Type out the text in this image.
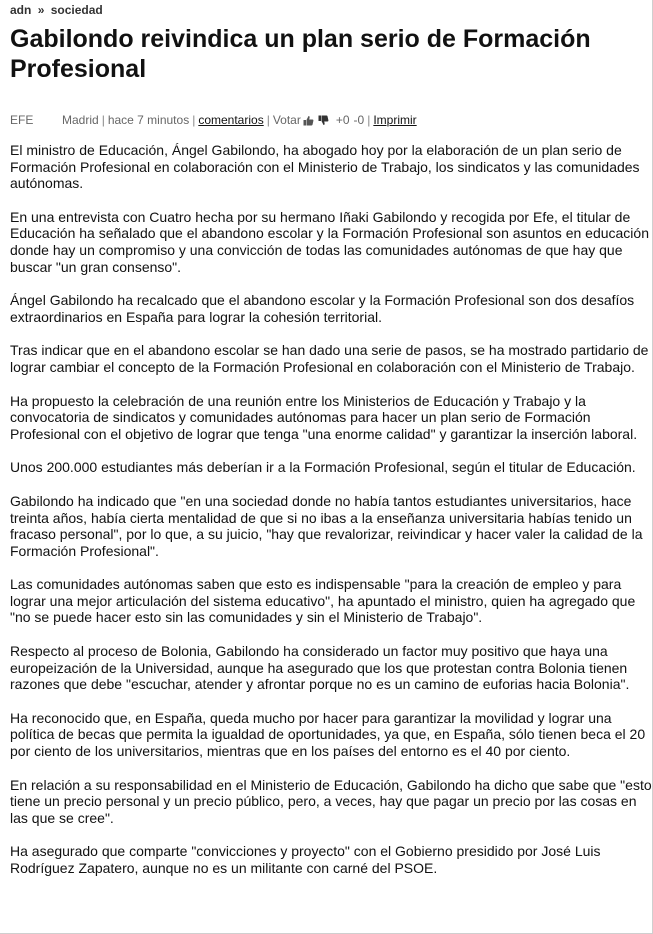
adn » sociedad
Gabilondo reivindica un plan serio de Formación Profesional
EFE	Madrid | hace 7 minutos | comentarios | Votar	+0 -0 | Imprimir

El ministro de Educación, Ángel Gabilondo, ha abogado hoy por la elaboración de un plan serio de Formación Profesional en colaboración con el Ministerio de Trabajo, los sindicatos y las comunidades autónomas.

En una entrevista con Cuatro hecha por su hermano Iñaki Gabilondo y recogida por Efe, el titular de Educación ha señalado que el abandono escolar y la Formación Profesional son asuntos en educación donde hay un compromiso y una convicción de todas las comunidades autónomas de que hay que buscar "un gran consenso".

Ángel Gabilondo ha recalcado que el abandono escolar y la Formación Profesional son dos desafíos extraordinarios en España para lograr la cohesión territorial.

Tras indicar que en el abandono escolar se han dado una serie de pasos, se ha mostrado partidario de lograr cambiar el concepto de la Formación Profesional en colaboración con el Ministerio de Trabajo.

Ha propuesto la celebración de una reunión entre los Ministerios de Educación y Trabajo y la convocatoria de sindicatos y comunidades autónomas para hacer un plan serio de Formación Profesional con el objetivo de lograr que tenga "una enorme calidad" y garantizar la inserción laboral.

Unos 200.000 estudiantes más deberían ir a la Formación Profesional, según el titular de Educación.

Gabilondo ha indicado que "en una sociedad donde no había tantos estudiantes universitarios, hace treinta años, había cierta mentalidad de que si no ibas a la enseñanza universitaria habías tenido un fracaso personal", por lo que, a su juicio, "hay que revalorizar, reivindicar y hacer valer la calidad de la Formación Profesional".

Las comunidades autónomas saben que esto es indispensable "para la creación de empleo y para lograr una mejor articulación del sistema educativo", ha apuntado el ministro, quien ha agregado que "no se puede hacer esto sin las comunidades y sin el Ministerio de Trabajo".

Respecto al proceso de Bolonia, Gabilondo ha considerado un factor muy positivo que haya una europeización de la Universidad, aunque ha asegurado que los que protestan contra Bolonia tienen razones que debe "escuchar, atender y afrontar porque no es un camino de euforias hacia Bolonia".

Ha reconocido que, en España, queda mucho por hacer para garantizar la movilidad y lograr una política de becas que permita la igualdad de oportunidades, ya que, en España, sólo tienen beca el 20 por ciento de los universitarios, mientras que en los países del entorno es el 40 por ciento.

En relación a su responsabilidad en el Ministerio de Educación, Gabilondo ha dicho que sabe que "esto tiene un precio personal y un precio público, pero, a veces, hay que pagar un precio por las cosas en las que se cree".

Ha asegurado que comparte "convicciones y proyecto" con el Gobierno presidido por José Luis Rodríguez Zapatero, aunque no es un militante con carné del PSOE.
